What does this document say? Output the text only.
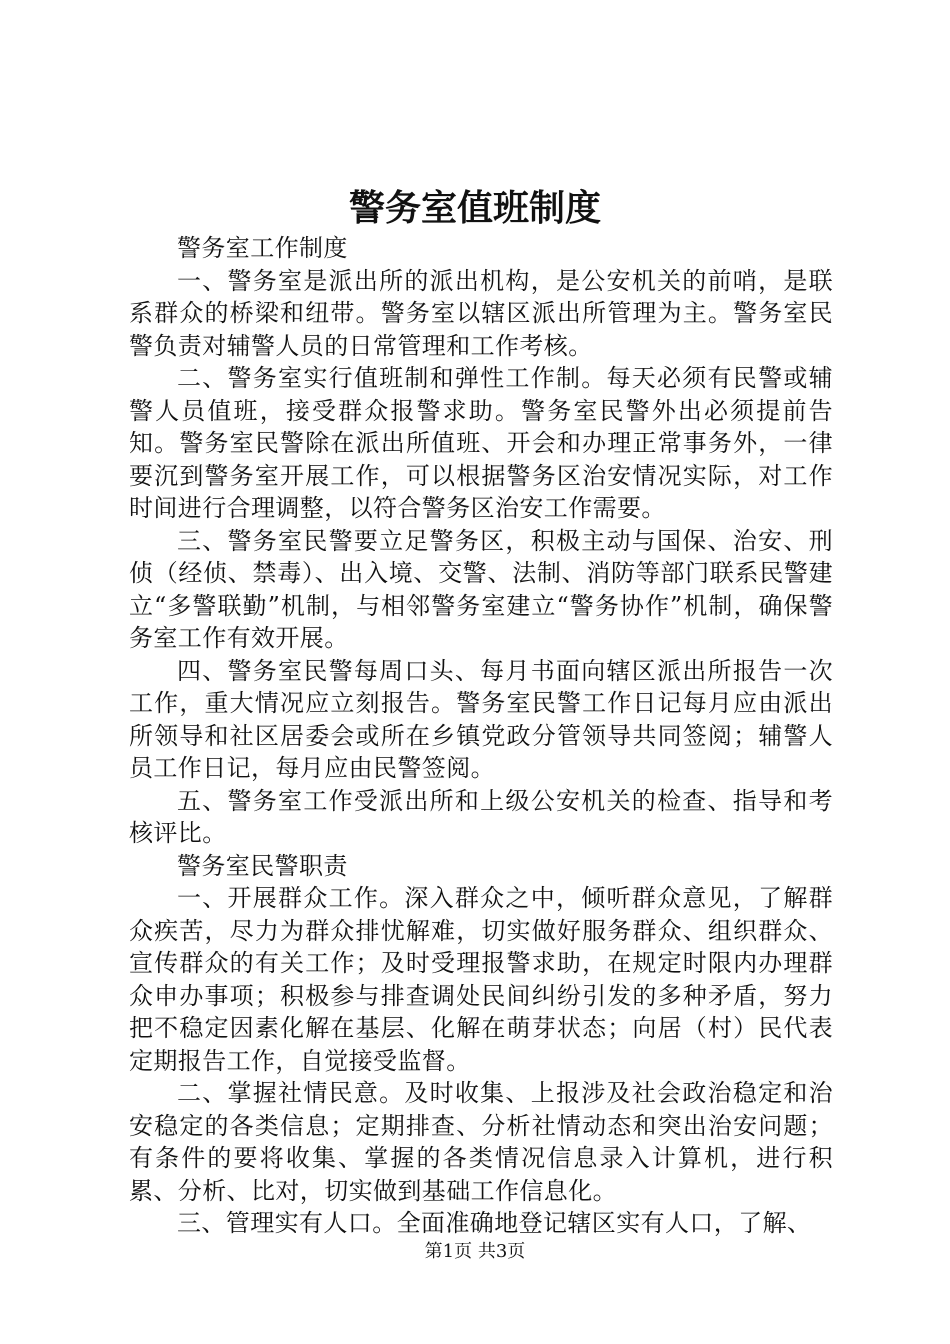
警务室值班制度

警务室工作制度

一、警务室是派出所的派出机构，是公安机关的前哨，是联系群众的桥梁和纽带。警务室以辖区派出所管理为主。警务室民警负责对辅警人员的日常管理和工作考核。

二、警务室实行值班制和弹性工作制。每天必须有民警或辅警人员值班，接受群众报警求助。警务室民警外出必须提前告知。警务室民警除在派出所值班、开会和办理正常事务外，一律要沉到警务室开展工作，可以根据警务区治安情况实际，对工作时间进行合理调整，以符合警务区治安工作需要。

三、警务室民警要立足警务区，积极主动与国保、治安、刑侦（经侦、禁毒）、出入境、交警、法制、消防等部门联系民警建立“多警联勤”机制，与相邻警务室建立“警务协作”机制，确保警务室工作有效开展。

四、警务室民警每周口头、每月书面向辖区派出所报告一次工作，重大情况应立刻报告。警务室民警工作日记每月应由派出所领导和社区居委会或所在乡镇党政分管领导共同签阅；辅警人员工作日记，每月应由民警签阅。

五、警务室工作受派出所和上级公安机关的检查、指导和考核评比。

警务室民警职责

一、开展群众工作。深入群众之中，倾听群众意见，了解群众疾苦，尽力为群众排忧解难，切实做好服务群众、组织群众、宣传群众的有关工作；及时受理报警求助，在规定时限内办理群众申办事项；积极参与排查调处民间纠纷引发的多种矛盾，努力把不稳定因素化解在基层、化解在萌芽状态；向居（村）民代表定期报告工作，自觉接受监督。

二、掌握社情民意。及时收集、上报涉及社会政治稳定和治安稳定的各类信息；定期排查、分析社情动态和突出治安问题；有条件的要将收集、掌握的各类情况信息录入计算机，进行积累、分析、比对，切实做到基础工作信息化。

三、管理实有人口。全面准确地登记辖区实有人口，了解、

第1页 共3页
